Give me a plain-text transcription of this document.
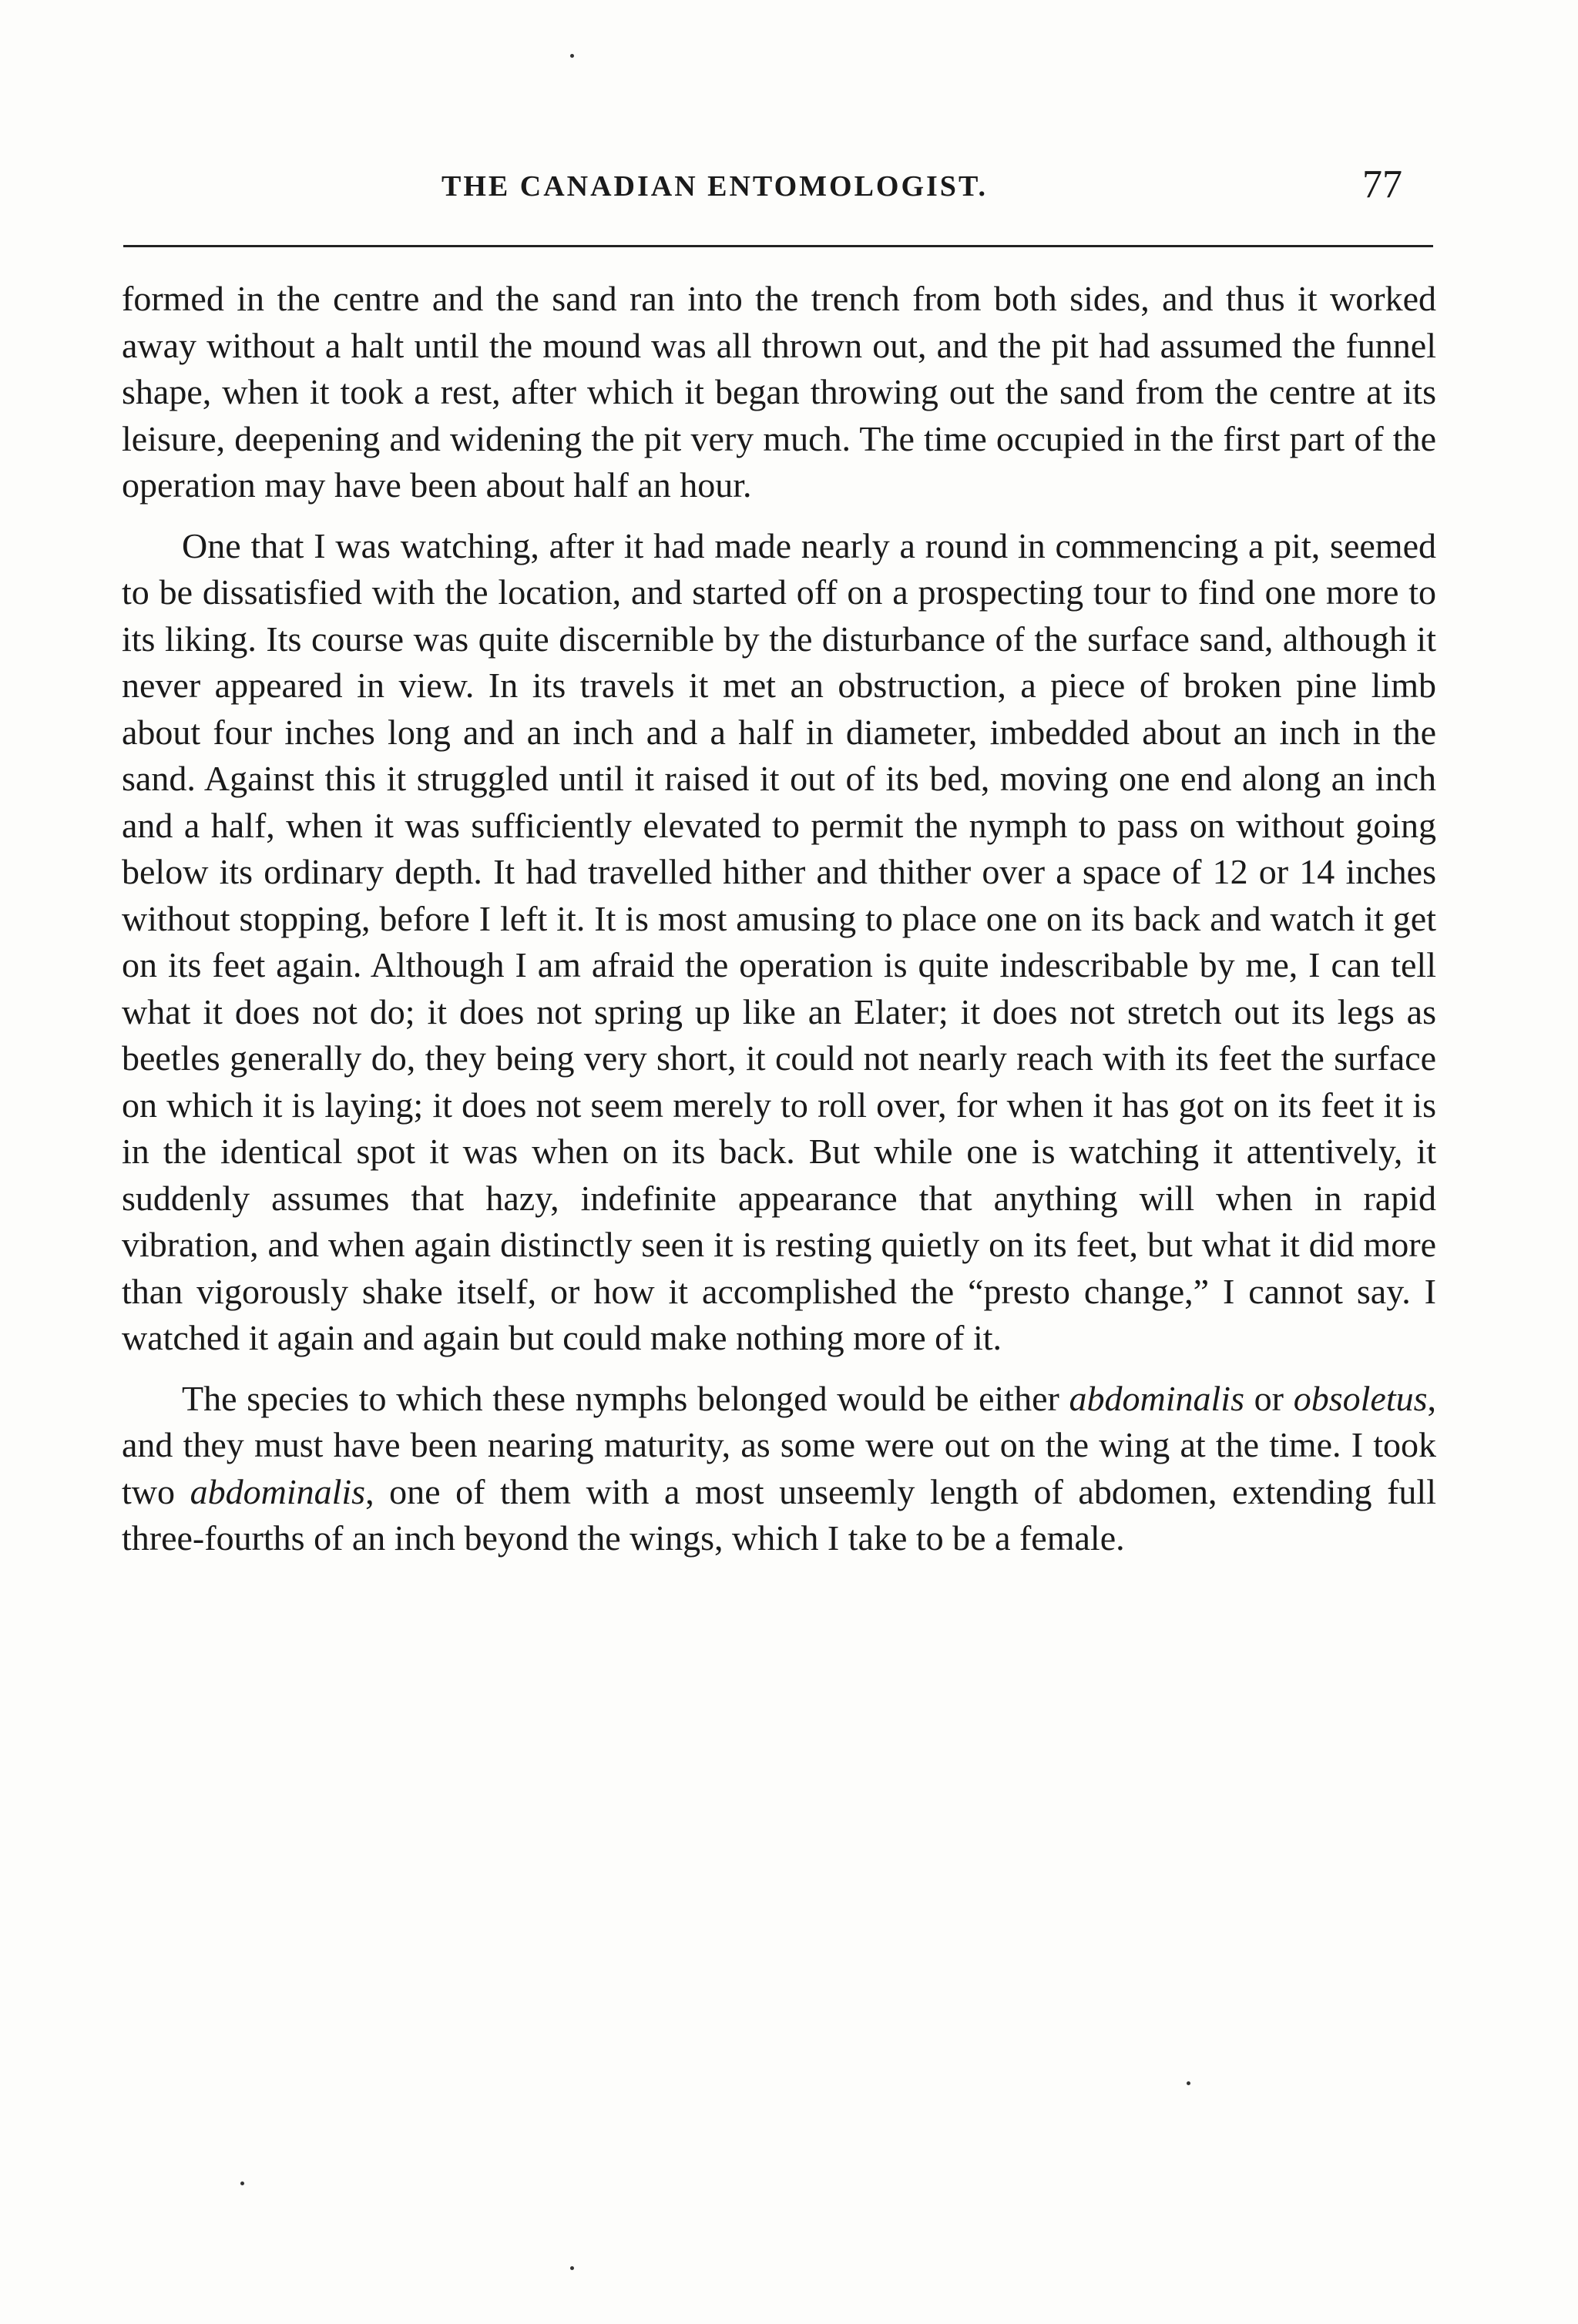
THE CANADIAN ENTOMOLOGIST.	77

formed in the centre and the sand ran into the trench from both sides, and thus it worked away without a halt until the mound was all thrown out, and the pit had assumed the funnel shape, when it took a rest, after which it began throwing out the sand from the centre at its leisure, deepening and widening the pit very much. The time occupied in the first part of the operation may have been about half an hour.

One that I was watching, after it had made nearly a round in commencing a pit, seemed to be dissatisfied with the location, and started off on a prospecting tour to find one more to its liking. Its course was quite discernible by the disturbance of the surface sand, although it never appeared in view. In its travels it met an obstruction, a piece of broken pine limb about four inches long and an inch and a half in diameter, imbedded about an inch in the sand. Against this it struggled until it raised it out of its bed, moving one end along an inch and a half, when it was sufficiently elevated to permit the nymph to pass on without going below its ordinary depth. It had travelled hither and thither over a space of 12 or 14 inches without stopping, before I left it. It is most amusing to place one on its back and watch it get on its feet again. Although I am afraid the operation is quite indescribable by me, I can tell what it does not do; it does not spring up like an Elater; it does not stretch out its legs as beetles generally do, they being very short, it could not nearly reach with its feet the surface on which it is laying; it does not seem merely to roll over, for when it has got on its feet it is in the identical spot it was when on its back. But while one is watching it attentively, it suddenly assumes that hazy, indefinite appearance that anything will when in rapid vibration, and when again distinctly seen it is resting quietly on its feet, but what it did more than vigorously shake itself, or how it accomplished the “presto change,” I cannot say. I watched it again and again but could make nothing more of it.

The species to which these nymphs belonged would be either abdominalis or obsoletus, and they must have been nearing maturity, as some were out on the wing at the time. I took two abdominalis, one of them with a most unseemly length of abdomen, extending full three-fourths of an inch beyond the wings, which I take to be a female.
